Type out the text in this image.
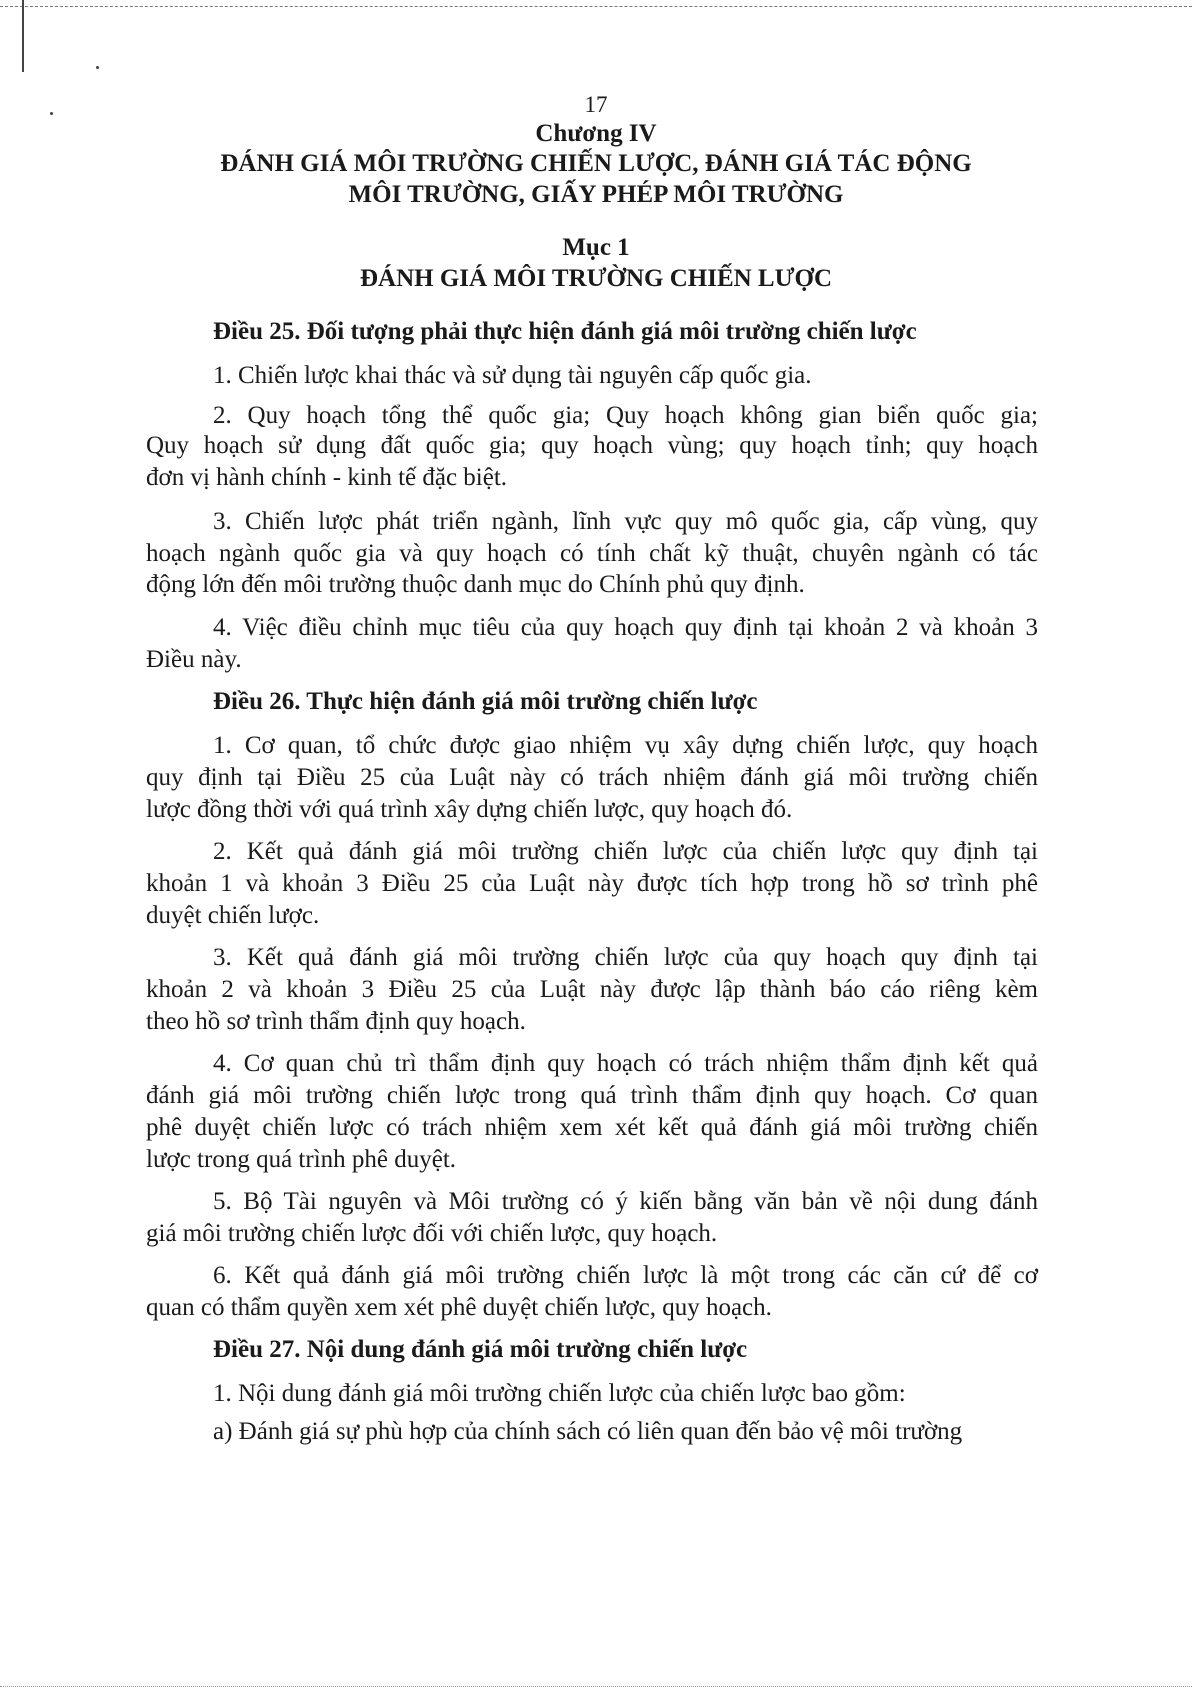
17
Chương IV
ĐÁNH GIÁ MÔI TRƯỜNG CHIẾN LƯỢC, ĐÁNH GIÁ TÁC ĐỘNG
MÔI TRƯỜNG, GIẤY PHÉP MÔI TRƯỜNG
Mục 1
ĐÁNH GIÁ MÔI TRƯỜNG CHIẾN LƯỢC
Điều 25. Đối tượng phải thực hiện đánh giá môi trường chiến lược
1. Chiến lược khai thác và sử dụng tài nguyên cấp quốc gia.
2. Quy hoạch tổng thể quốc gia; Quy hoạch không gian biển quốc gia;
Quy hoạch sử dụng đất quốc gia; quy hoạch vùng; quy hoạch tỉnh; quy hoạch
đơn vị hành chính - kinh tế đặc biệt.
3. Chiến lược phát triển ngành, lĩnh vực quy mô quốc gia, cấp vùng, quy
hoạch ngành quốc gia và quy hoạch có tính chất kỹ thuật, chuyên ngành có tác
động lớn đến môi trường thuộc danh mục do Chính phủ quy định.
4. Việc điều chỉnh mục tiêu của quy hoạch quy định tại khoản 2 và khoản 3
Điều này.
Điều 26. Thực hiện đánh giá môi trường chiến lược
1. Cơ quan, tổ chức được giao nhiệm vụ xây dựng chiến lược, quy hoạch
quy định tại Điều 25 của Luật này có trách nhiệm đánh giá môi trường chiến
lược đồng thời với quá trình xây dựng chiến lược, quy hoạch đó.
2. Kết quả đánh giá môi trường chiến lược của chiến lược quy định tại
khoản 1 và khoản 3 Điều 25 của Luật này được tích hợp trong hồ sơ trình phê
duyệt chiến lược.
3. Kết quả đánh giá môi trường chiến lược của quy hoạch quy định tại
khoản 2 và khoản 3 Điều 25 của Luật này được lập thành báo cáo riêng kèm
theo hồ sơ trình thẩm định quy hoạch.
4. Cơ quan chủ trì thẩm định quy hoạch có trách nhiệm thẩm định kết quả
đánh giá môi trường chiến lược trong quá trình thẩm định quy hoạch. Cơ quan
phê duyệt chiến lược có trách nhiệm xem xét kết quả đánh giá môi trường chiến
lược trong quá trình phê duyệt.
5. Bộ Tài nguyên và Môi trường có ý kiến bằng văn bản về nội dung đánh
giá môi trường chiến lược đối với chiến lược, quy hoạch.
6. Kết quả đánh giá môi trường chiến lược là một trong các căn cứ để cơ
quan có thẩm quyền xem xét phê duyệt chiến lược, quy hoạch.
Điều 27. Nội dung đánh giá môi trường chiến lược
1. Nội dung đánh giá môi trường chiến lược của chiến lược bao gồm:
a) Đánh giá sự phù hợp của chính sách có liên quan đến bảo vệ môi trường
